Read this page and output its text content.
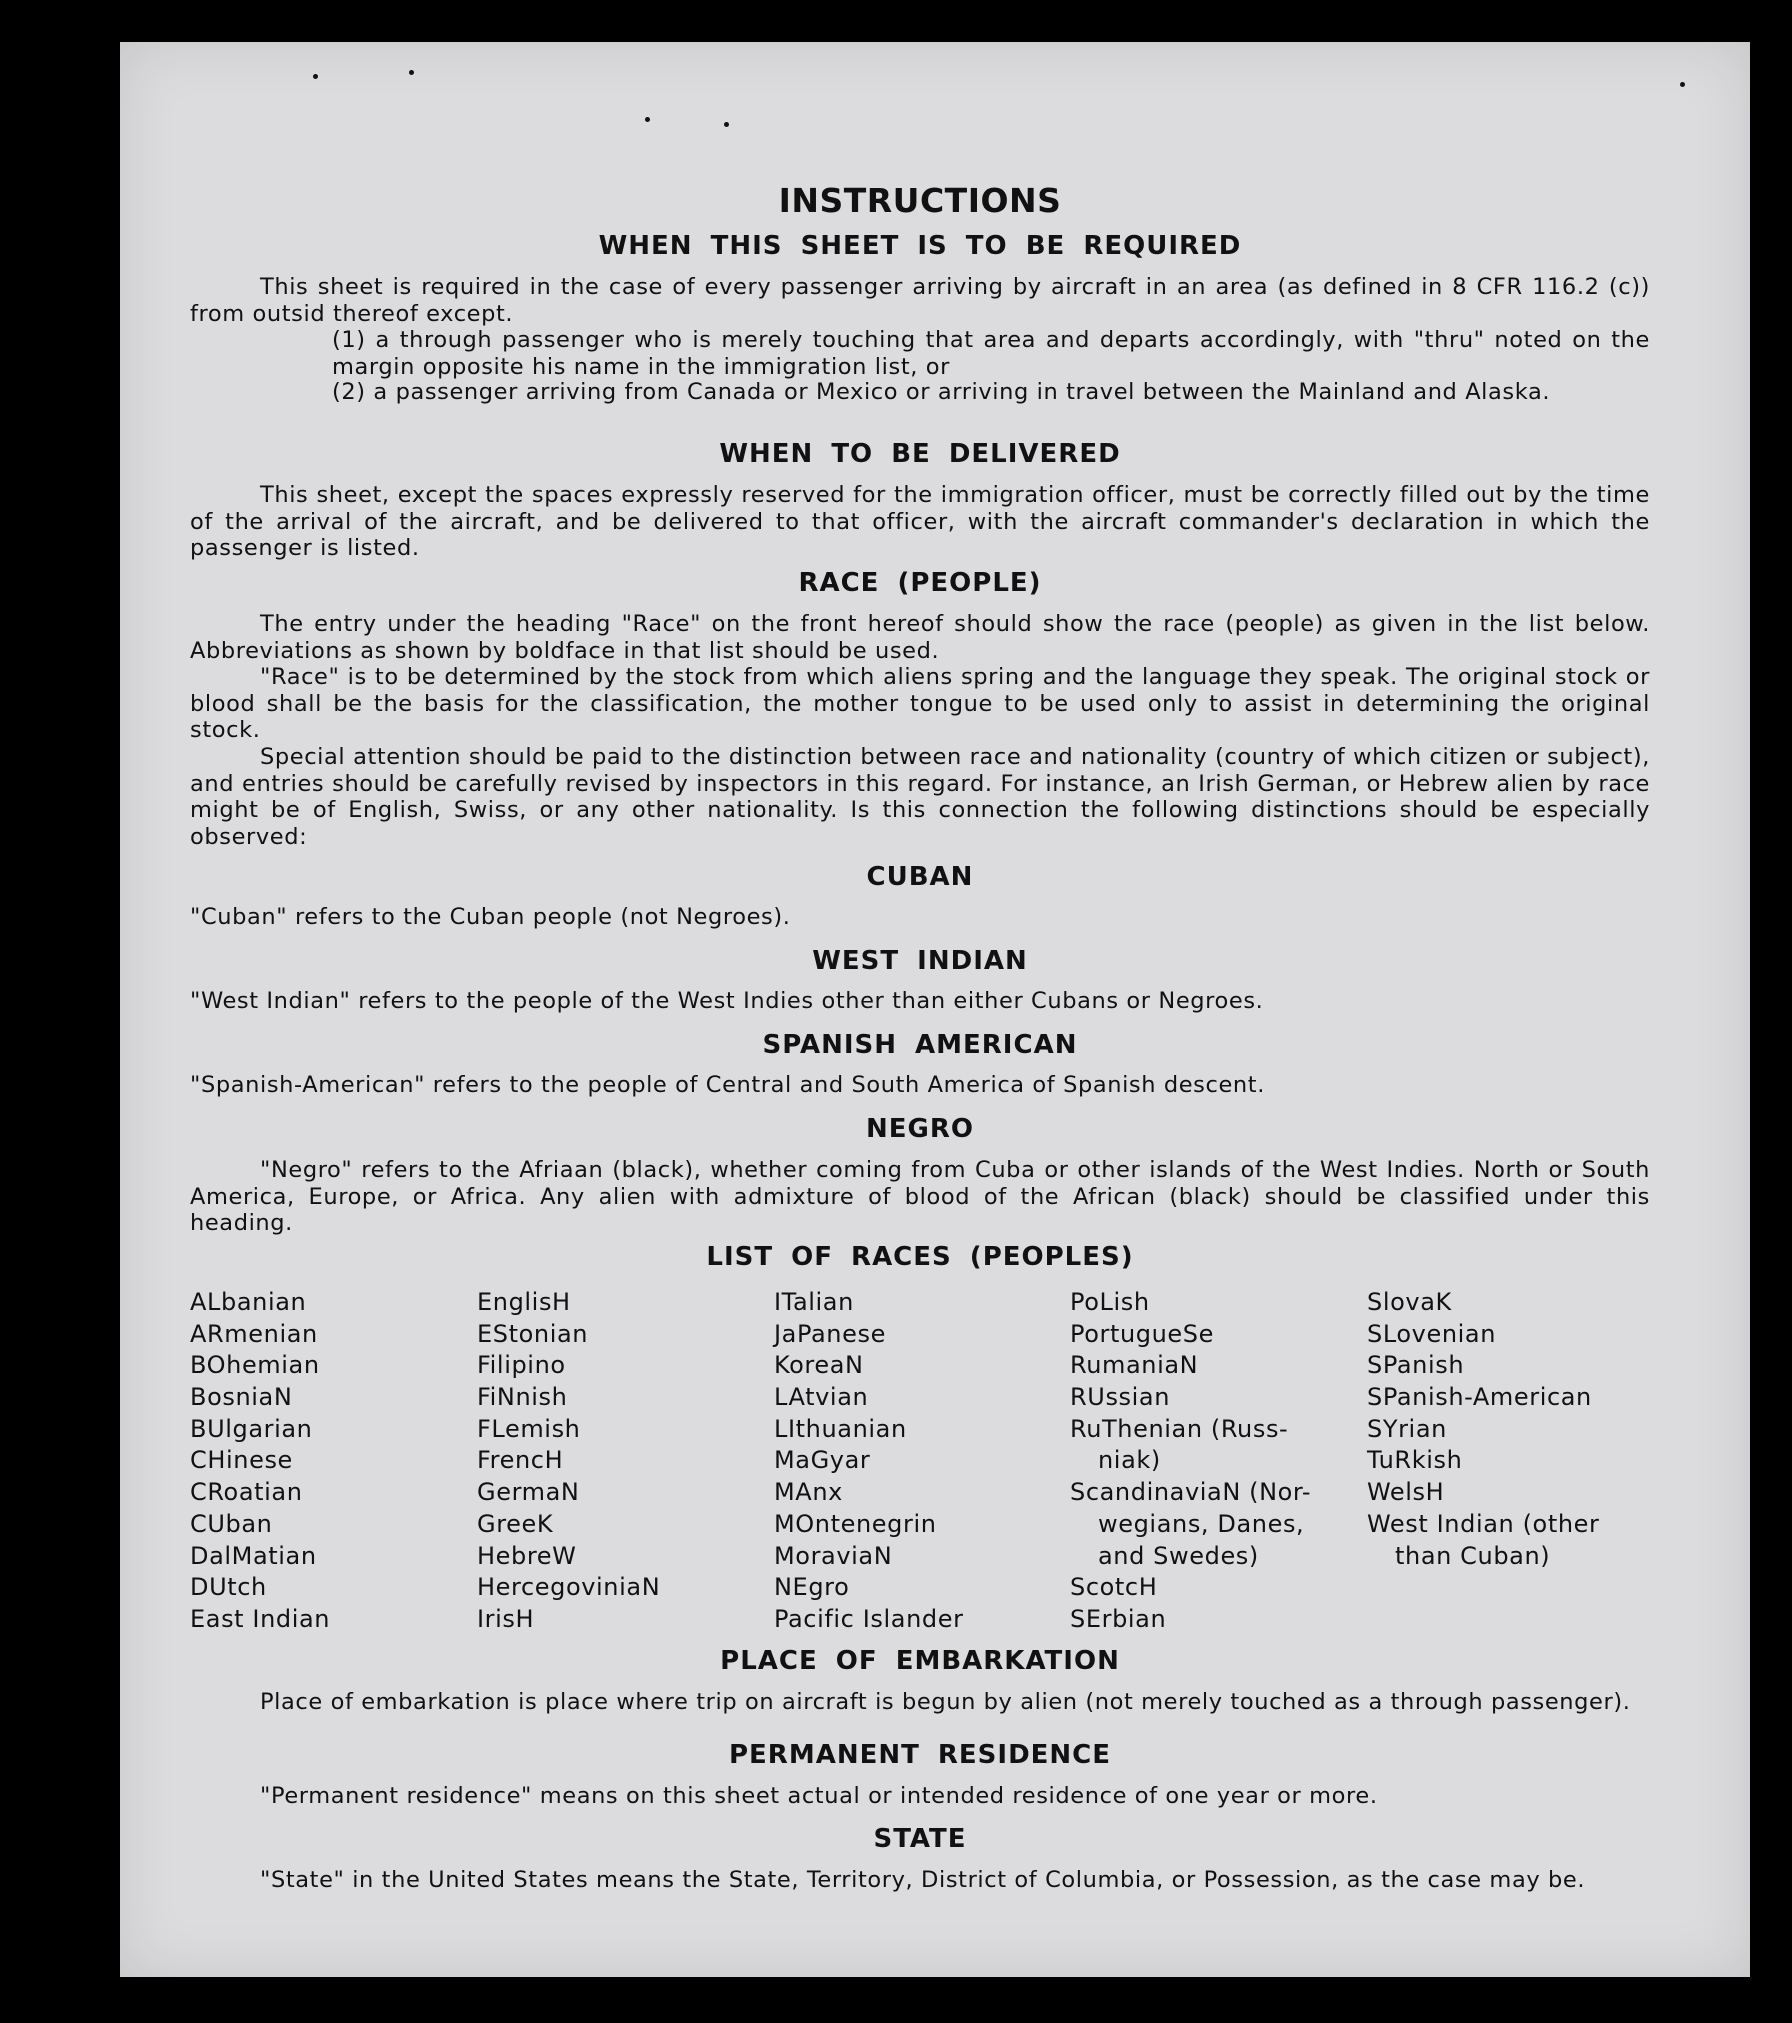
INSTRUCTIONS
WHEN THIS SHEET IS TO BE REQUIRED

This sheet is required in the case of every passenger arriving by aircraft in an area (as defined in 8 CFR 116.2 (c)) from outsid thereof except.

(1) a through passenger who is merely touching that area and departs accordingly, with "thru" noted on the margin opposite his name in the immigration list, or
(2) a passenger arriving from Canada or Mexico or arriving in travel between the Mainland and Alaska.
WHEN TO BE DELIVERED

This sheet, except the spaces expressly reserved for the immigration officer, must be correctly filled out by the time of the arrival of the aircraft, and be delivered to that officer, with the aircraft commander's declaration in which the passenger is listed.

RACE (PEOPLE)

The entry under the heading "Race" on the front hereof should show the race (people) as given in the list below. Abbreviations as shown by boldface in that list should be used.

"Race" is to be determined by the stock from which aliens spring and the language they speak. The original stock or blood shall be the basis for the classification, the mother tongue to be used only to assist in determining the original stock.

Special attention should be paid to the distinction between race and nationality (country of which citizen or subject), and entries should be carefully revised by inspectors in this regard. For instance, an Irish German, or Hebrew alien by race might be of English, Swiss, or any other nationality. Is this connection the following distinctions should be especially observed:

CUBAN

"Cuban" refers to the Cuban people (not Negroes).

WEST INDIAN

"West Indian" refers to the people of the West Indies other than either Cubans or Negroes.

SPANISH AMERICAN

"Spanish-American" refers to the people of Central and South America of Spanish descent.

NEGRO

"Negro" refers to the Afriaan (black), whether coming from Cuba or other islands of the West Indies. North or South America, Europe, or Africa. Any alien with admixture of blood of the African (black) should be classified under this heading.

LIST OF RACES (PEOPLES)
ALbanian
ARmenian
BOhemian
BosniaN
BUlgarian
CHinese
CRoatian
CUban
DalMatian
DUtch
East Indian
EnglisH
EStonian
Filipino
FiNnish
FLemish
FrencH
GermaN
GreeK
HebreW
HercegoviniaN
IrisH
ITalian
JaPanese
KoreaN
LAtvian
LIthuanian
MaGyar
MAnx
MOntenegrin
MoraviaN
NEgro
Pacific Islander
PoLish
PortugueSe
RumaniaN
RUssian
RuThenian (Russ-
niak)
ScandinaviaN (Nor-
wegians, Danes,
and Swedes)
ScotcH
SErbian
SlovaK
SLovenian
SPanish
SPanish-American
SYrian
TuRkish
WelsH
West Indian (other
than Cuban)
PLACE OF EMBARKATION

Place of embarkation is place where trip on aircraft is begun by alien (not merely touched as a through passenger).

PERMANENT RESIDENCE

"Permanent residence" means on this sheet actual or intended residence of one year or more.

STATE

"State" in the United States means the State, Territory, District of Columbia, or Possession, as the case may be.
